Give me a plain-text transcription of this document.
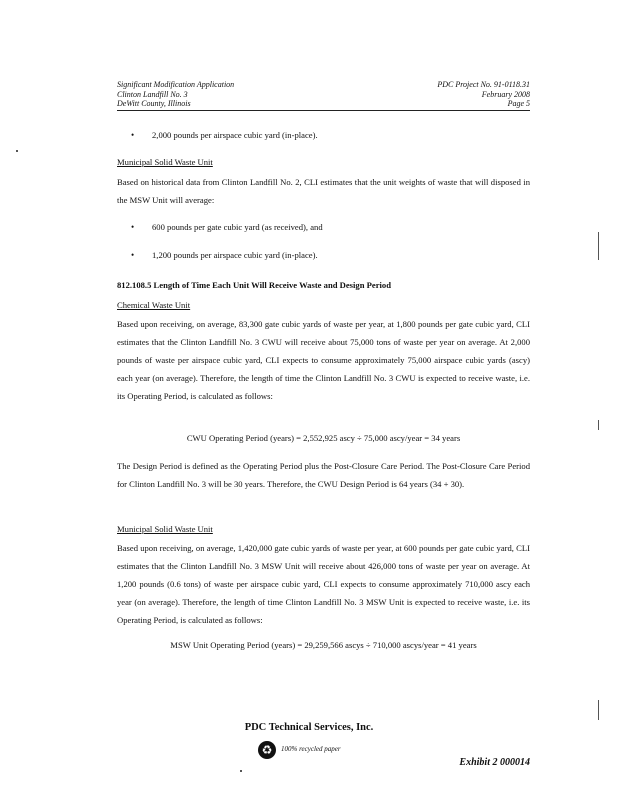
Significant Modification Application
Clinton Landfill No. 3
DeWitt County, Illinois
PDC Project No. 91-0118.31
February 2008
Page 5
• 2,000 pounds per airspace cubic yard (in-place).
Municipal Solid Waste Unit
Based on historical data from Clinton Landfill No. 2, CLI estimates that the unit weights of waste that will disposed in the MSW Unit will average:
• 600 pounds per gate cubic yard (as received), and
• 1,200 pounds per airspace cubic yard (in-place).
812.108.5 Length of Time Each Unit Will Receive Waste and Design Period
Chemical Waste Unit
Based upon receiving, on average, 83,300 gate cubic yards of waste per year, at 1,800 pounds per gate cubic yard, CLI estimates that the Clinton Landfill No. 3 CWU will receive about 75,000 tons of waste per year on average. At 2,000 pounds of waste per airspace cubic yard, CLI expects to consume approximately 75,000 airspace cubic yards (ascy) each year (on average). Therefore, the length of time the Clinton Landfill No. 3 CWU is expected to receive waste, i.e. its Operating Period, is calculated as follows:
CWU Operating Period (years) = 2,552,925 ascy ÷ 75,000 ascy/year = 34 years
The Design Period is defined as the Operating Period plus the Post-Closure Care Period. The Post-Closure Care Period for Clinton Landfill No. 3 will be 30 years. Therefore, the CWU Design Period is 64 years (34 + 30).
Municipal Solid Waste Unit
Based upon receiving, on average, 1,420,000 gate cubic yards of waste per year, at 600 pounds per gate cubic yard, CLI estimates that the Clinton Landfill No. 3 MSW Unit will receive about 426,000 tons of waste per year on average. At 1,200 pounds (0.6 tons) of waste per airspace cubic yard, CLI expects to consume approximately 710,000 ascy each year (on average). Therefore, the length of time Clinton Landfill No. 3 MSW Unit is expected to receive waste, i.e. its Operating Period, is calculated as follows:
MSW Unit Operating Period (years) = 29,259,566 ascys ÷ 710,000 ascys/year = 41 years
PDC Technical Services, Inc.
♻	100% recycled paper
Exhibit 2 000014
